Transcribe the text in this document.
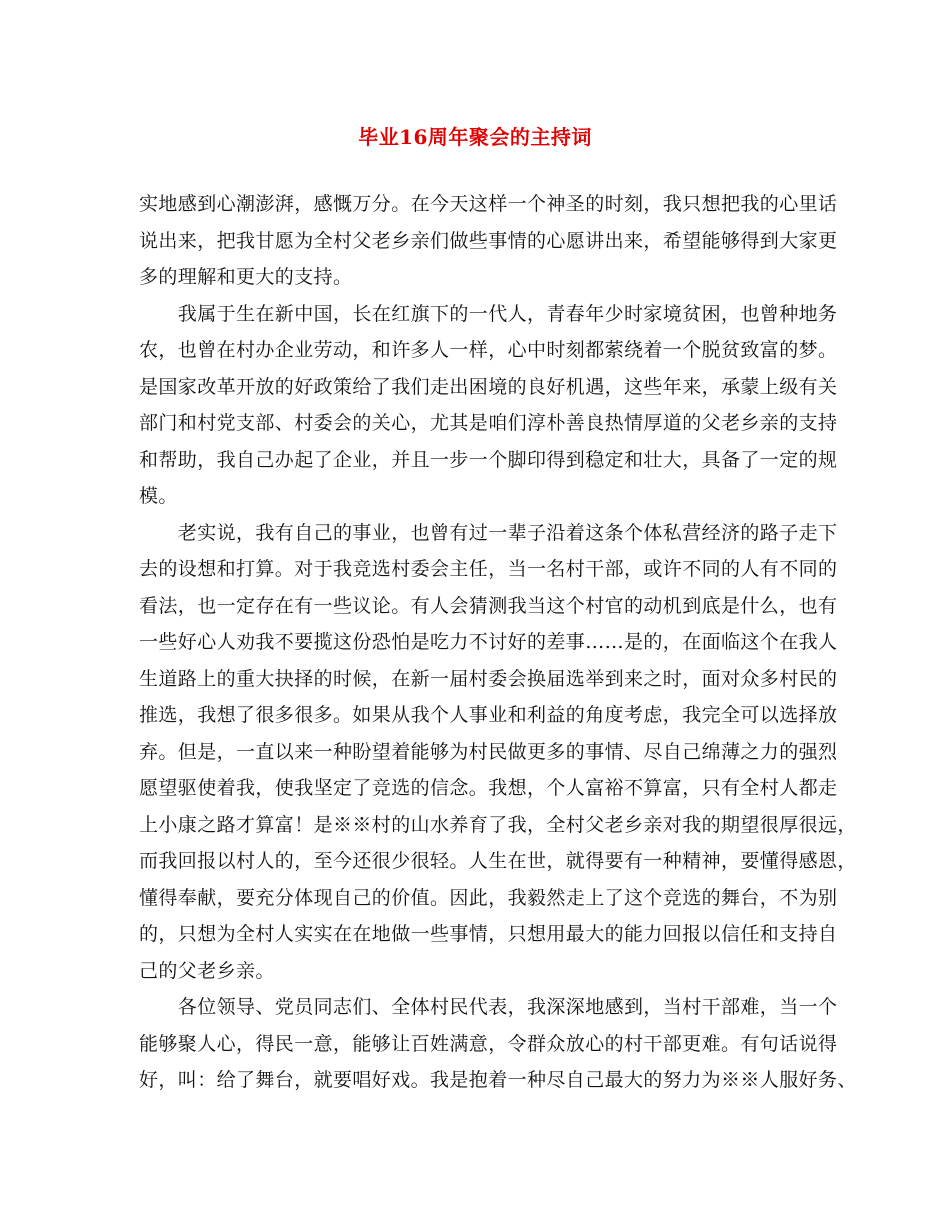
毕业16周年聚会的主持词
实地感到心潮澎湃，感慨万分。在今天这样一个神圣的时刻，我只想把我的心里话
说出来，把我甘愿为全村父老乡亲们做些事情的心愿讲出来，希望能够得到大家更
多的理解和更大的支持。
　　我属于生在新中国，长在红旗下的一代人，青春年少时家境贫困，也曾种地务
农，也曾在村办企业劳动，和许多人一样，心中时刻都萦绕着一个脱贫致富的梦。
是国家改革开放的好政策给了我们走出困境的良好机遇，这些年来，承蒙上级有关
部门和村党支部、村委会的关心，尤其是咱们淳朴善良热情厚道的父老乡亲的支持
和帮助，我自己办起了企业，并且一步一个脚印得到稳定和壮大，具备了一定的规
模。
　　老实说，我有自己的事业，也曾有过一辈子沿着这条个体私营经济的路子走下
去的设想和打算。对于我竞选村委会主任，当一名村干部，或许不同的人有不同的
看法，也一定存在有一些议论。有人会猜测我当这个村官的动机到底是什么，也有
一些好心人劝我不要揽这份恐怕是吃力不讨好的差事……是的，在面临这个在我人
生道路上的重大抉择的时候，在新一届村委会换届选举到来之时，面对众多村民的
推选，我想了很多很多。如果从我个人事业和利益的角度考虑，我完全可以选择放
弃。但是，一直以来一种盼望着能够为村民做更多的事情、尽自己绵薄之力的强烈
愿望驱使着我，使我坚定了竞选的信念。我想，个人富裕不算富，只有全村人都走
上小康之路才算富！是※※村的山水养育了我，全村父老乡亲对我的期望很厚很远，
而我回报以村人的，至今还很少很轻。人生在世，就得要有一种精神，要懂得感恩，
懂得奉献，要充分体现自己的价值。因此，我毅然走上了这个竞选的舞台，不为别
的，只想为全村人实实在在地做一些事情，只想用最大的能力回报以信任和支持自
己的父老乡亲。
　　各位领导、党员同志们、全体村民代表，我深深地感到，当村干部难，当一个
能够聚人心，得民一意，能够让百姓满意，令群众放心的村干部更难。有句话说得
好，叫：给了舞台，就要唱好戏。我是抱着一种尽自己最大的努力为※※人服好务、
